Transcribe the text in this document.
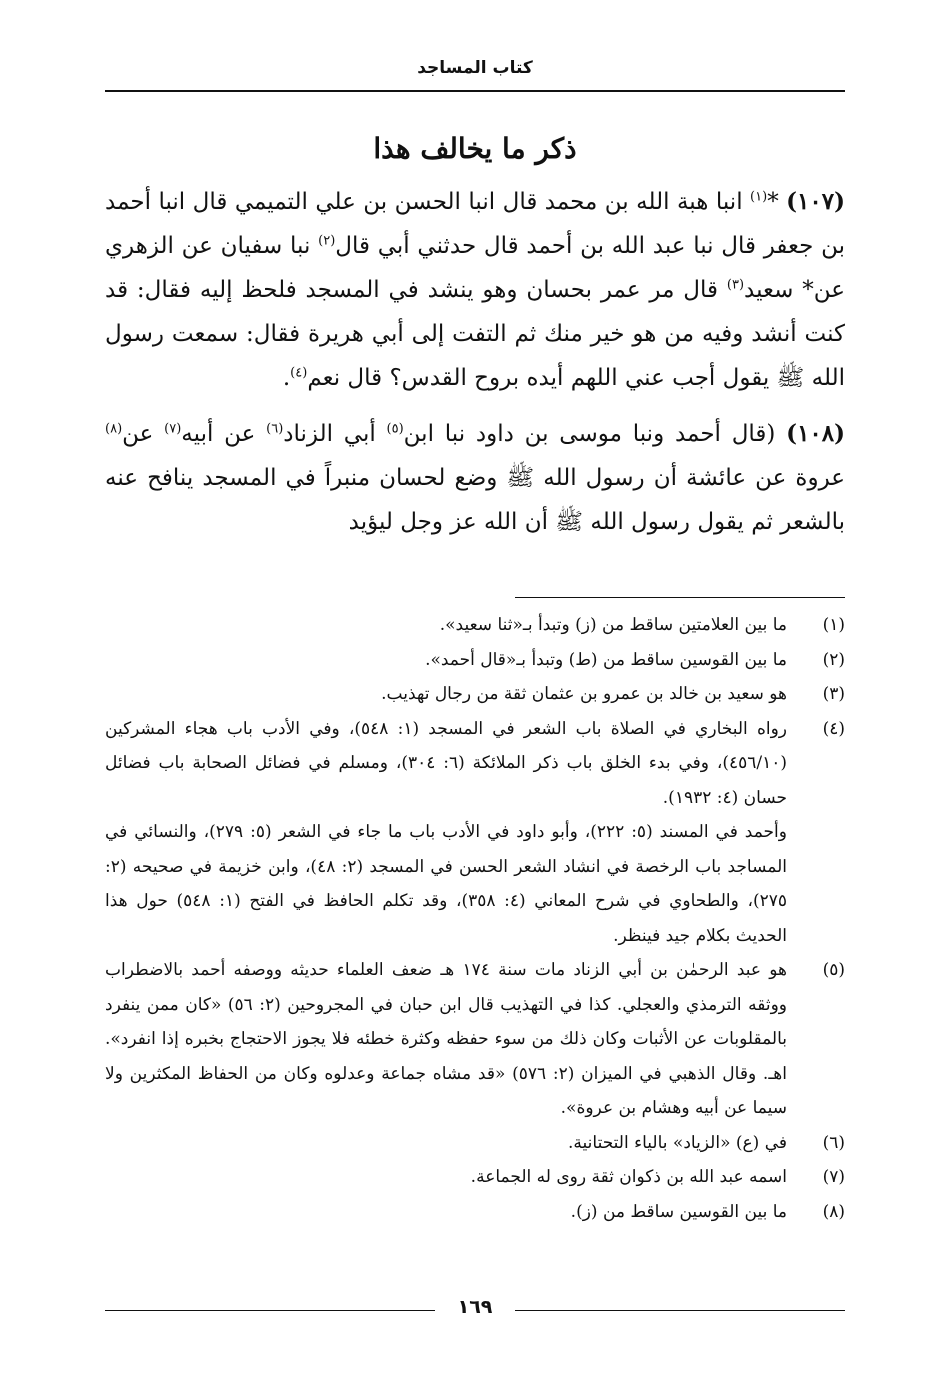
كتاب المساجد
ذكر ما يخالف هذا

(١٠٧) *$^{(١)}$ انبا هبة الله بن محمد قال انبا الحسن بن علي التميمي قال انبا أحمد بن جعفر قال نبا عبد الله بن أحمد قال حدثني أبي قال$^{(٢)}$ نبا سفيان عن الزهري عن* سعيد$^{(٣)}$ قال مر عمر بحسان وهو ينشد في المسجد فلحظ إليه فقال: قد كنت أنشد وفيه من هو خير منك ثم التفت إلى أبي هريرة فقال: سمعت رسول الله ﷺ يقول أجب عني اللهم أيده بروح القدس؟ قال نعم$^{(٤)}$.

(١٠٨) (قال أحمد ونبا موسى بن داود نبا ابن$^{(٥)}$ أبي الزناد$^{(٦)}$ عن أبيه$^{(٧)}$ عن$^{(٨)}$ عروة عن عائشة أن رسول الله ﷺ وضع لحسان منبراً في المسجد ينافح عنه بالشعر ثم يقول رسول الله ﷺ أن الله عز وجل ليؤيد

(١)
ما بين العلامتين ساقط من (ز) وتبدأ بـ«ثنا سعيد».
(٢)
ما بين القوسين ساقط من (ط) وتبدأ بـ«قال أحمد».
(٣)
هو سعيد بن خالد بن عمرو بن عثمان ثقة من رجال تهذيب.
(٤)
رواه البخاري في الصلاة باب الشعر في المسجد (١: ٥٤٨)، وفي الأدب باب هجاء المشركين (٤٥٦/١٠)، وفي بدء الخلق باب ذكر الملائكة (٦: ٣٠٤)، ومسلم في فضائل الصحابة باب فضائل حسان (٤: ١٩٣٢).
وأحمد في المسند (٥: ٢٢٢)، وأبو داود في الأدب باب ما جاء في الشعر (٥: ٢٧٩)، والنسائي في المساجد باب الرخصة في انشاد الشعر الحسن في المسجد (٢: ٤٨)، وابن خزيمة في صحيحه (٢: ٢٧٥)، والطحاوي في شرح المعاني (٤: ٣٥٨)، وقد تكلم الحافظ في الفتح (١: ٥٤٨) حول هذا الحديث بكلام جيد فينظر.
(٥)
هو عبد الرحمٰن بن أبي الزناد مات سنة ١٧٤ هـ ضعف العلماء حديثه ووصفه أحمد بالاضطراب ووثقه الترمذي والعجلي. كذا في التهذيب قال ابن حبان في المجروحين (٢: ٥٦) «كان ممن ينفرد بالمقلوبات عن الأثبات وكان ذلك من سوء حفظه وكثرة خطئه فلا يجوز الاحتجاج بخبره إذا انفرد». اهـ. وقال الذهبي في الميزان (٢: ٥٧٦) «قد مشاه جماعة وعدلوه وكان من الحفاظ المكثرين ولا سيما عن أبيه وهشام بن عروة».
(٦)
في (ع) «الزياد» بالياء التحتانية.
(٧)
اسمه عبد الله بن ذكوان ثقة روى له الجماعة.
(٨)
ما بين القوسين ساقط من (ز).
١٦٩
